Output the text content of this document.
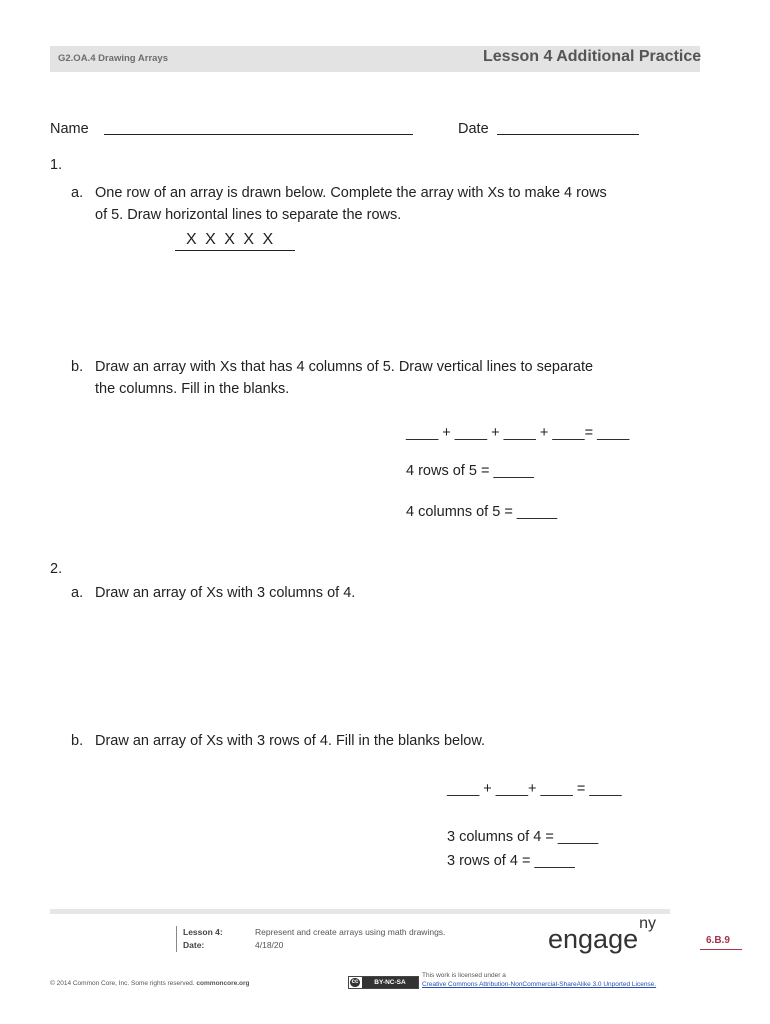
G2.OA.4 Drawing Arrays	Lesson 4 Additional Practice
Name	Date
1.
a. One row of an array is drawn below. Complete the array with Xs to make 4 rows
of 5. Draw horizontal lines to separate the rows.
X X X X X
b. Draw an array with Xs that has 4 columns of 5. Draw vertical lines to separate
the columns. Fill in the blanks.
____ + ____ + ____ + ____= ____
4 rows of 5 = _____
4 columns of 5 = _____
2.
a. Draw an array of Xs with 3 columns of 4.
b. Draw an array of Xs with 3 rows of 4. Fill in the blanks below.
____ + ____+ ____ = ____
3 columns of 4 = _____
3 rows of 4 = _____
Lesson 4:	Represent and create arrays using math drawings.
Date:	4/18/20	engage$^{ny}$
6.B.9
© 2014 Common Core, Inc. Some rights reserved. commoncore.org	cc	BY-NC-SA
This work is licensed under a
Creative Commons Attribution-NonCommercial-ShareAlike 3.0 Unported License.
